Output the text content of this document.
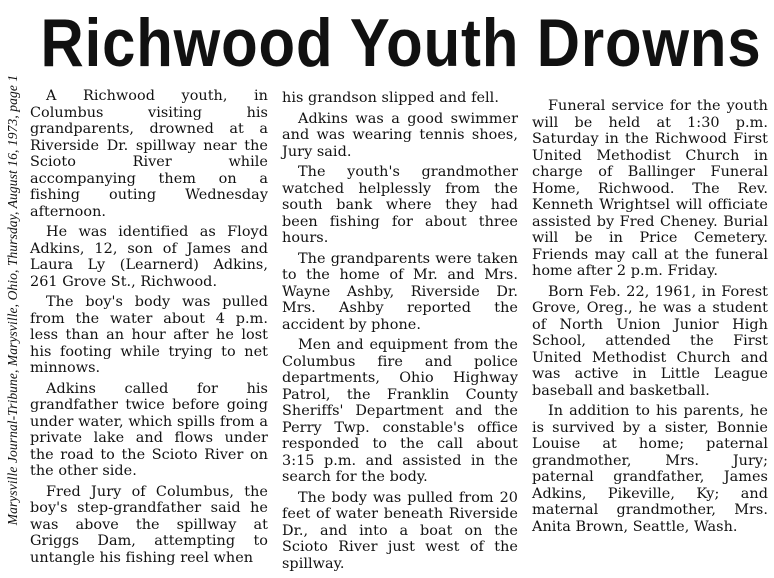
Marysville Journal-Tribune, Marysville, Ohio, Thursday, August 16, 1973, page 1
Richwood Youth Drowns

A Richwood youth, in Columbus visiting his grandparents, drowned at a Riverside Dr. spillway near the Scioto River while accompanying them on a fishing outing Wednesday afternoon.

He was identified as Floyd Adkins, 12, son of James and Laura Ly (Learnerd) Adkins, 261 Grove St., Richwood.

The boy's body was pulled from the water about 4 p.m. less than an hour after he lost his footing while trying to net minnows.

Adkins called for his grandfather twice before going under water, which spills from a private lake and flows under the road to the Scioto River on the other side.

Fred Jury of Columbus, the boy's step-grandfather said he was above the spillway at Griggs Dam, attempting to untangle his fishing reel when

his grandson slipped and fell.

Adkins was a good swimmer and was wearing tennis shoes, Jury said.

The youth's grandmother watched helplessly from the south bank where they had been fishing for about three hours.

The grandparents were taken to the home of Mr. and Mrs. Wayne Ashby, Riverside Dr. Mrs. Ashby reported the accident by phone.

Men and equipment from the Columbus fire and police departments, Ohio Highway Patrol, the Franklin County Sheriffs' Department and the Perry Twp. constable's office responded to the call about 3:15 p.m. and assisted in the search for the body.

The body was pulled from 20 feet of water beneath Riverside Dr., and into a boat on the Scioto River just west of the spillway.

Funeral service for the youth will be held at 1:30 p.m. Saturday in the Richwood First United Methodist Church in charge of Ballinger Funeral Home, Richwood. The Rev. Kenneth Wrightsel will officiate assisted by Fred Cheney. Burial will be in Price Cemetery. Friends may call at the funeral home after 2 p.m. Friday.

Born Feb. 22, 1961, in Forest Grove, Oreg., he was a student of North Union Junior High School, attended the First United Methodist Church and was active in Little League baseball and basketball.

In addition to his parents, he is survived by a sister, Bonnie Louise at home; paternal grandmother, Mrs. Jury; paternal grandfather, James Adkins, Pikeville, Ky; and maternal grandmother, Mrs. Anita Brown, Seattle, Wash.
